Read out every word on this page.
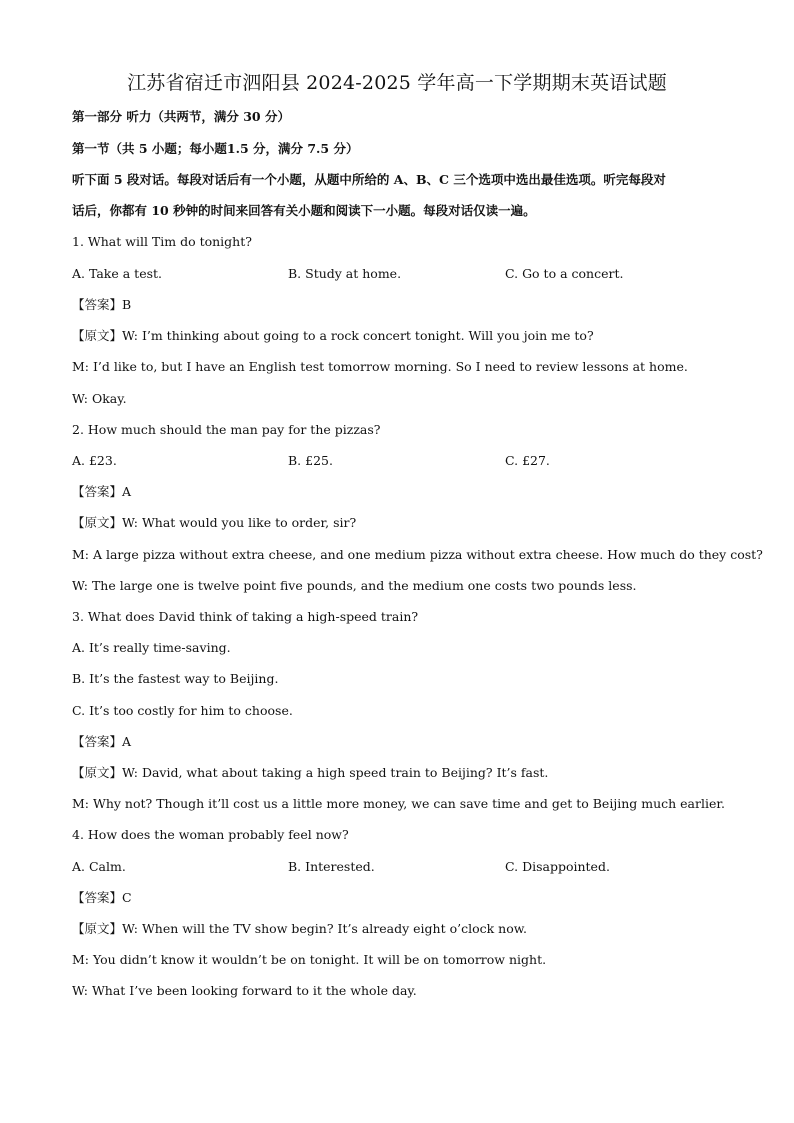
江苏省宿迁市泗阳县 2024-2025 学年高一下学期期末英语试题
第一部分 听力（共两节，满分 30 分）
第一节（共 5 小题；每小题1.5 分，满分 7.5 分）
听下面 5 段对话。每段对话后有一个小题，从题中所给的 A、B、C 三个选项中选出最佳选项。听完每段对
话后，你都有 10 秒钟的时间来回答有关小题和阅读下一小题。每段对话仅读一遍。
1. What will Tim do tonight?
A. Take a test.	B. Study at home.	C. Go to a concert.
【答案】B
【原文】W: I’m thinking about going to a rock concert tonight. Will you join me to?
M: I’d like to, but I have an English test tomorrow morning. So I need to review lessons at home.
W: Okay.
2. How much should the man pay for the pizzas?
A. £23.	B. £25.	C. £27.
【答案】A
【原文】W: What would you like to order, sir?
M: A large pizza without extra cheese, and one medium pizza without extra cheese. How much do they cost?
W: The large one is twelve point five pounds, and the medium one costs two pounds less.
3. What does David think of taking a high-speed train?
A. It’s really time-saving.
B. It’s the fastest way to Beijing.
C. It’s too costly for him to choose.
【答案】A
【原文】W: David, what about taking a high speed train to Beijing? It’s fast.
M: Why not? Though it’ll cost us a little more money, we can save time and get to Beijing much earlier.
4. How does the woman probably feel now?
A. Calm.	B. Interested.	C. Disappointed.
【答案】C
【原文】W: When will the TV show begin? It’s already eight o’clock now.
M: You didn’t know it wouldn’t be on tonight. It will be on tomorrow night.
W: What I’ve been looking forward to it the whole day.
